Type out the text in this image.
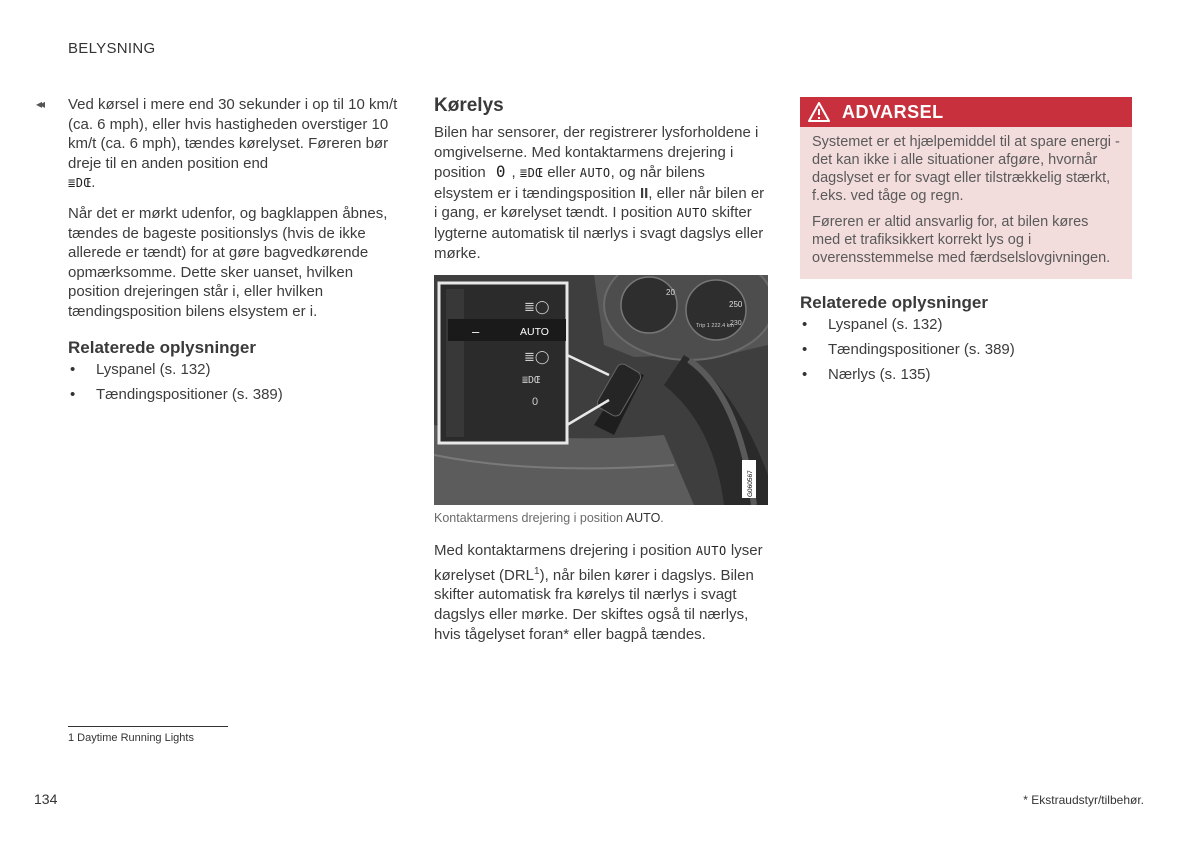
BELYSNING
◂◂ Ved kørsel i mere end 30 sekunder i op til 10 km/t (ca. 6 mph), eller hvis hastigheden overstiger 10 km/t (ca. 6 mph), tændes kørelyset. Føreren bør dreje til en anden position end
≣DŒ.

Når det er mørkt udenfor, og bagklappen åbnes, tændes de bageste positionslys (hvis de ikke allerede er tændt) for at gøre bagvedkørende opmærksomme. Dette sker uanset, hvilken position drejeringen står i, eller hvilken tændingsposition bilens elsystem er i.

Relaterede oplysninger
• Lyspanel (s. 132)
• Tændingspositioner (s. 389)
Kørelys

Bilen har sensorer, der registrerer lysforholdene i omgivelserne. Med kontaktarmens drejering i position 0 , ≣DŒ eller AUTO, og når bilens elsystem er i tændingsposition II, eller når bilen er i gang, er kørelyset tændt. I position AUTO skifter lygterne automatisk til nærlys i svagt dagslys eller mørke.

20
250
230
Trip 1 222.4 km
≣◯
–	AUTO
≣◯
≣DŒ
0
G060567
Kontaktarmens drejering i position AUTO.

Med kontaktarmens drejering i position AUTO lyser kørelyset (DRL$^1$), når bilen kører i dagslys. Bilen skifter automatisk fra kørelys til nærlys i svagt dagslys eller mørke. Der skiftes også til nærlys, hvis tågelyset foran* eller bagpå tændes.

ADVARSEL

Systemet er et hjælpemiddel til at spare energi - det kan ikke i alle situationer afgøre, hvornår dagslyset er for svagt eller tilstrækkelig stærkt, f.eks. ved tåge og regn.

Føreren er altid ansvarlig for, at bilen køres med et trafiksikkert korrekt lys og i overensstemmelse med færdselslovgivningen.

Relaterede oplysninger
• Lyspanel (s. 132)
• Tændingspositioner (s. 389)
• Nærlys (s. 135)
1 Daytime Running Lights
134	* Ekstraudstyr/tilbehør.
